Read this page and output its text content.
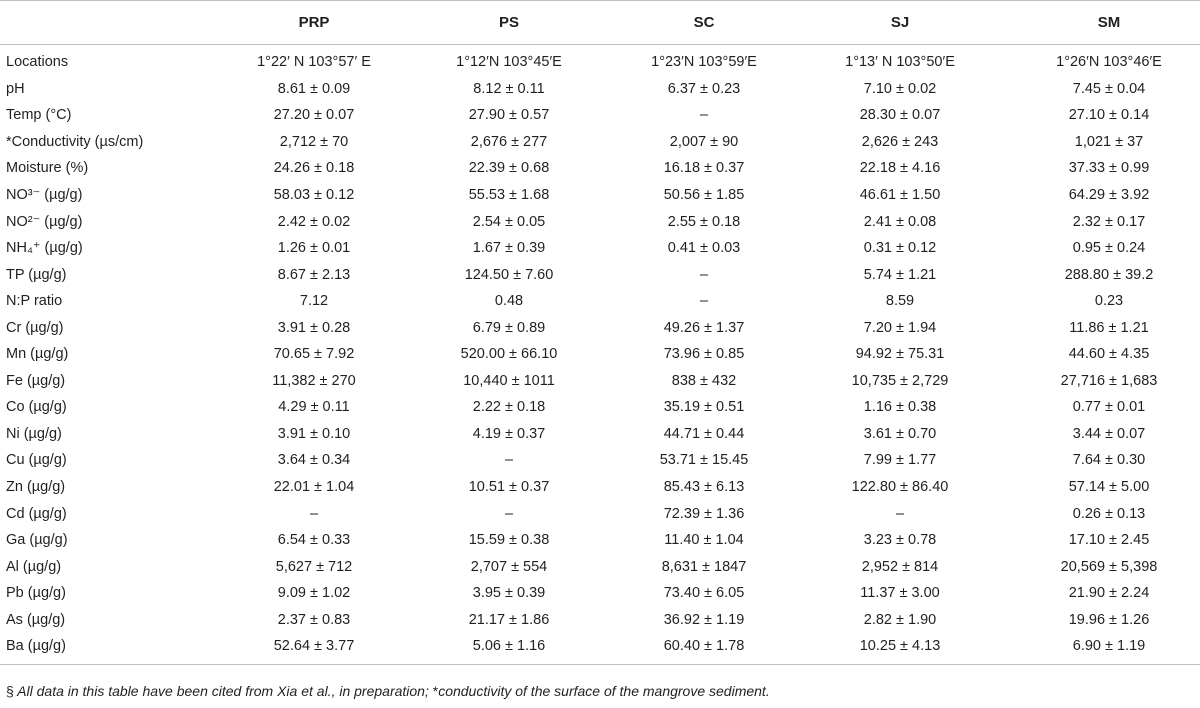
	PRP	PS	SC	SJ	SM
Locations	1°22′ N 103°57′ E	1°12′N 103°45′E	1°23′N 103°59′E	1°13′ N 103°50′E	1°26′N 103°46′E
pH	8.61 ± 0.09	8.12 ± 0.11	6.37 ± 0.23	7.10 ± 0.02	7.45 ± 0.04
Temp (°C)	27.20 ± 0.07	27.90 ± 0.57	–	28.30 ± 0.07	27.10 ± 0.14
*Conductivity (µs/cm)	2,712 ± 70	2,676 ± 277	2,007 ± 90	2,626 ± 243	1,021 ± 37
Moisture (%)	24.26 ± 0.18	22.39 ± 0.68	16.18 ± 0.37	22.18 ± 4.16	37.33 ± 0.99
NO³⁻ (µg/g)	58.03 ± 0.12	55.53 ± 1.68	50.56 ± 1.85	46.61 ± 1.50	64.29 ± 3.92
NO²⁻ (µg/g)	2.42 ± 0.02	2.54 ± 0.05	2.55 ± 0.18	2.41 ± 0.08	2.32 ± 0.17
NH₄⁺ (µg/g)	1.26 ± 0.01	1.67 ± 0.39	0.41 ± 0.03	0.31 ± 0.12	0.95 ± 0.24
TP (µg/g)	8.67 ± 2.13	124.50 ± 7.60	–	5.74 ± 1.21	288.80 ± 39.2
N:P ratio	7.12	0.48	–	8.59	0.23
Cr (µg/g)	3.91 ± 0.28	6.79 ± 0.89	49.26 ± 1.37	7.20 ± 1.94	11.86 ± 1.21
Mn (µg/g)	70.65 ± 7.92	520.00 ± 66.10	73.96 ± 0.85	94.92 ± 75.31	44.60 ± 4.35
Fe (µg/g)	11,382 ± 270	10,440 ± 1011	838 ± 432	10,735 ± 2,729	27,716 ± 1,683
Co (µg/g)	4.29 ± 0.11	2.22 ± 0.18	35.19 ± 0.51	1.16 ± 0.38	0.77 ± 0.01
Ni (µg/g)	3.91 ± 0.10	4.19 ± 0.37	44.71 ± 0.44	3.61 ± 0.70	3.44 ± 0.07
Cu (µg/g)	3.64 ± 0.34	–	53.71 ± 15.45	7.99 ± 1.77	7.64 ± 0.30
Zn (µg/g)	22.01 ± 1.04	10.51 ± 0.37	85.43 ± 6.13	122.80 ± 86.40	57.14 ± 5.00
Cd (µg/g)	–	–	72.39 ± 1.36	–	0.26 ± 0.13
Ga (µg/g)	6.54 ± 0.33	15.59 ± 0.38	11.40 ± 1.04	3.23 ± 0.78	17.10 ± 2.45
Al (µg/g)	5,627 ± 712	2,707 ± 554	8,631 ± 1847	2,952 ± 814	20,569 ± 5,398
Pb (µg/g)	9.09 ± 1.02	3.95 ± 0.39	73.40 ± 6.05	11.37 ± 3.00	21.90 ± 2.24
As (µg/g)	2.37 ± 0.83	21.17 ± 1.86	36.92 ± 1.19	2.82 ± 1.90	19.96 ± 1.26
Ba (µg/g)	52.64 ± 3.77	5.06 ± 1.16	60.40 ± 1.78	10.25 ± 4.13	6.90 ± 1.19
§ All data in this table have been cited from Xia et al., in preparation; *conductivity of the surface of the mangrove sediment.
